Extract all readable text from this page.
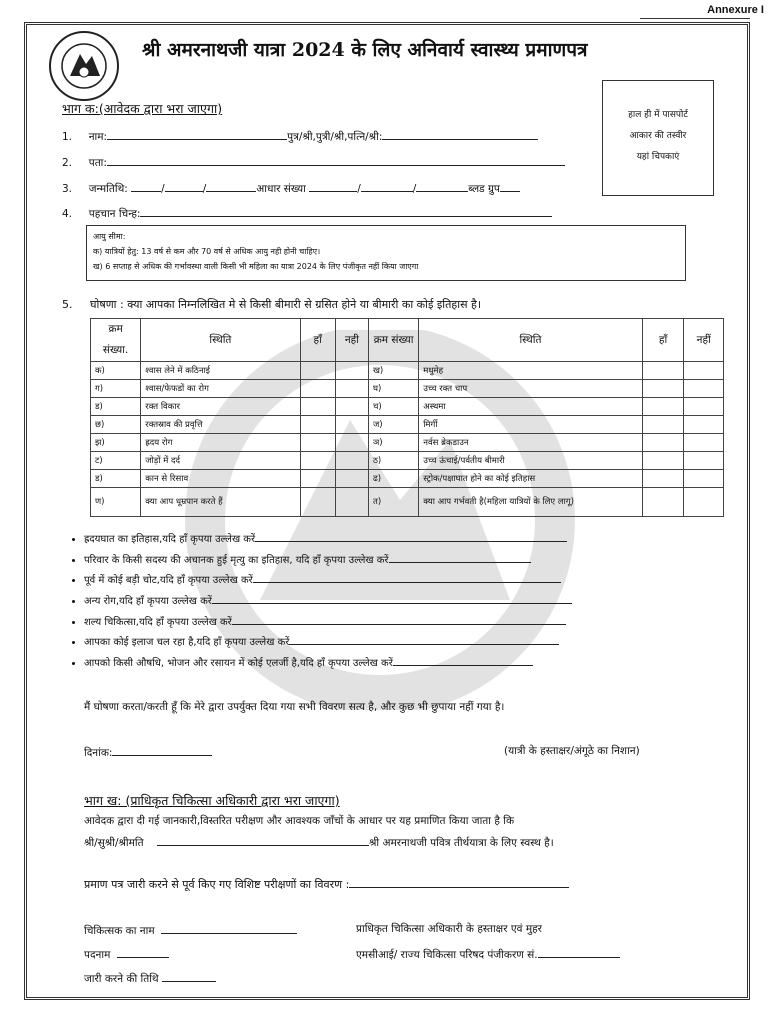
Annexure I
श्री अमरनाथजी यात्रा 2024 के लिए अनिवार्य स्वास्थ्य प्रमाणपत्र
हाल ही में पासपोर्ट
आकार की तस्वीर
यहां चिपकाएं
भाग क:(आवेदक द्वारा भरा जाएगा)
1. नाम:	पुत्र/श्री,पुत्री/श्री,पत्नि/श्री:
2. पता:
3. जन्मतिथि:	/	/	आधार संख्या	/	/	ब्लड ग्रुप
4. पहचान चिन्ह:
आयु सीमा:
क) यात्रियों हेतु: 13 वर्ष से कम और 70 वर्ष से अधिक आयु नही होनी चाहिए।
ख) 6 सप्ताह से अधिक की गर्भावस्था वाली किसी भी महिला का यात्रा 2024 के लिए पंजीकृत नहीं किया जाएगा
5. घोषणा : क्या आपका निम्नलिखित मे से किसी बीमारी से ग्रसित होने या बीमारी का कोई इतिहास है।
क्रम संख्या.	स्थिति	हाँ	नही	क्रम संख्या	स्थिति	हाँ	नहीं
क)	श्वास लेने में कठिनाई			ख)	मधुमेह		
ग)	श्वास/फेफडों का रोग			घ)	उच्च रक्त चाप		
ड)	रक्त विकार			च)	अस्थमा		
छ)	रक्तस्राव की प्रवृत्ति			ज)	मिर्गी		
झ)	ह्रदय रोग			ञ)	नर्वस ब्रेकडाउन		
ट)	जोड़ों में दर्द			ठ)	उच्च ऊंचाई/पर्वतीय बीमारी		
ड)	कान से रिसाव			ढ)	स्ट्रोक/पक्षाघात होने का कोई इतिहास		
ण)	क्या आप धूम्रपान करते हैं			त)	क्या आप गर्भवती है(महिला यात्रियों के लिए लागू)		
• ह्रदयघात का इतिहास,यदि हाँ कृपया उल्लेख करें
• परिवार के किसी सदस्य की अचानक हुई मृत्यु का इतिहास, यदि हाँ कृपया उल्लेख करें
• पूर्व में कोई बड़ी चोट,यदि हाँ कृपया उल्लेख करें
• अन्य रोग,यदि हाँ कृपया उल्लेख करें
• शल्य चिकित्सा,यदि हाँ कृपया उल्लेख करें
• आपका कोई इलाज चल रहा है,यदि हाँ कृपया उल्लेख करें
• आपको किसी औषधि, भोजन और रसायन में कोई एलर्जी है,यदि हाँ कृपया उल्लेख करें
मैं घोषणा करता/करती हूँ कि मेरे द्वारा उपर्युक्त दिया गया सभी विवरण सत्य है, और कुछ भी छुपाया नहीं गया है।
दिनांक:	(यात्री के हस्ताक्षर/अंगूठे का निशान)
भाग ख: (प्राधिकृत चिकित्सा अधिकारी द्वारा भरा जाएगा)
आवेदक द्वारा दी गई जानकारी,विस्तरित परीक्षण और आवश्यक जाँचों के आधार पर यह प्रमाणित किया जाता है कि
श्री/सुश्री/श्रीमति	श्री अमरनाथजी पवित्र तीर्थयात्रा के लिए स्वस्थ है।
प्रमाण पत्र जारी करने से पूर्व किए गए विशिष्ट परीक्षणों का विवरण :
चिकित्सक का नाम	प्राधिकृत चिकित्सा अधिकारी के हस्ताक्षर एवं मुहर
पदनाम	एमसीआई/ राज्य चिकित्सा परिषद पंजीकरण सं.
जारी करने की तिथि
